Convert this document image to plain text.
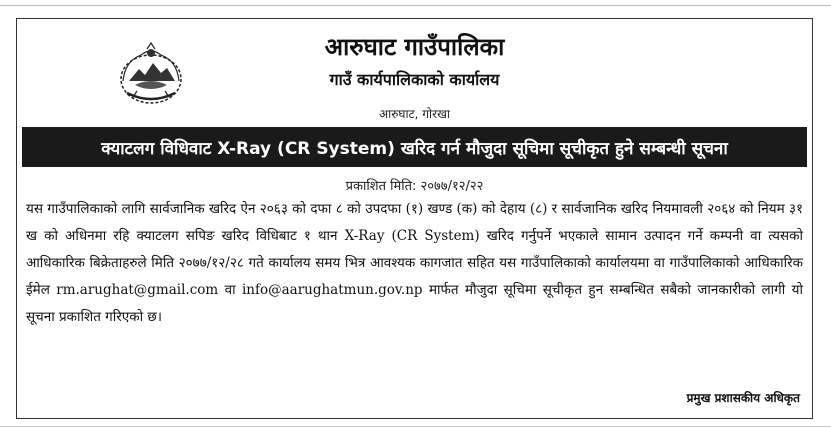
आरुघाट गाउँपालिका
गाउँ कार्यपालिकाको कार्यालय
आरुघाट, गोरखा
क्याटलग विधिवाट X-Ray (CR System) खरिद गर्न मौजुदा सूचिमा सूचीकृत हुने सम्बन्धी सूचना
प्रकाशित मिति: २०७७/१२/२२
यस गाउँपालिकाको लागि सार्वजानिक खरिद ऐन २०६३ को दफा ८ को उपदफा (१) खण्ड (क) को देहाय (८) र सार्वजानिक खरिद नियमावली २०६४ को नियम ३१ ख को अधिनमा रहि क्याटलग सपिङ खरिद विधिबाट १ थान X-Ray (CR System) खरिद गर्नुपर्ने भएकाले सामान उत्पादन गर्ने कम्पनी वा त्यसको आधिकारिक बिक्रेताहरुले मिति २०७७/१२/२८ गते कार्यालय समय भित्र आवश्यक कागजात सहित यस गाउँपालिकाको कार्यालयमा वा गाउँपालिकाको आधिकारिक ईमेल rm.arughat@gmail.com वा info@aarughatmun.gov.np मार्फत मौजुदा सूचिमा सूचीकृत हुन सम्बन्धित सबैको जानकारीको लागी यो सूचना प्रकाशित गरिएको छ।
प्रमुख प्रशासकीय अधिकृत
